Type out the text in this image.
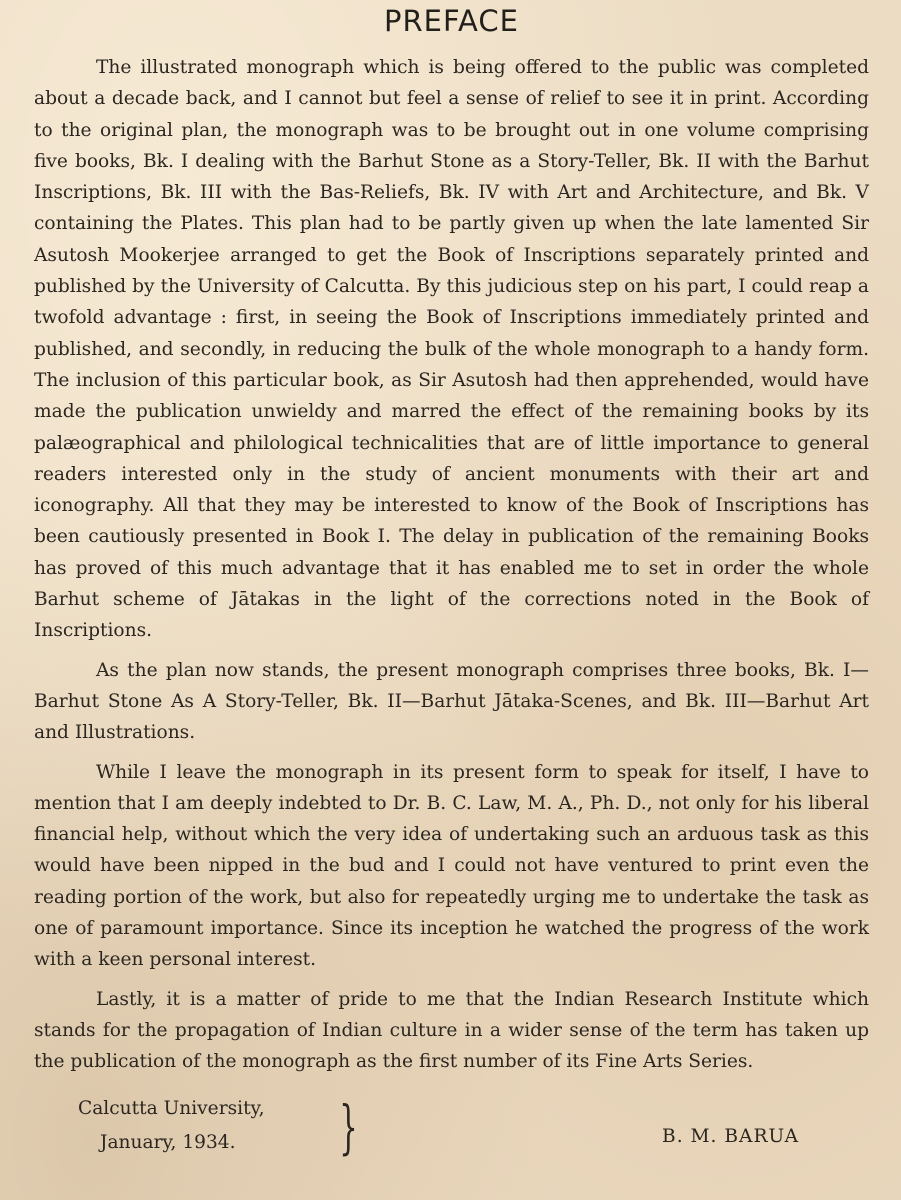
PREFACE

The illustrated monograph which is being offered to the public was completed about a decade back, and I cannot but feel a sense of relief to see it in print. According to the original plan, the monograph was to be brought out in one volume comprising five books, Bk. I dealing with the Barhut Stone as a Story-Teller, Bk. II with the Barhut Inscriptions, Bk. III with the Bas-Reliefs, Bk. IV with Art and Architecture, and Bk. V containing the Plates. This plan had to be partly given up when the late lamented Sir Asutosh Mookerjee arranged to get the Book of Inscriptions separately printed and published by the University of Calcutta. By this judicious step on his part, I could reap a twofold advantage : first, in seeing the Book of Inscriptions immediately printed and published, and secondly, in reducing the bulk of the whole monograph to a handy form. The inclusion of this particular book, as Sir Asutosh had then apprehended, would have made the publication unwieldy and marred the effect of the remaining books by its palæographical and philological technicalities that are of little importance to general readers interested only in the study of ancient monuments with their art and iconography. All that they may be interested to know of the Book of Inscriptions has been cautiously presented in Book I. The delay in publication of the remaining Books has proved of this much advantage that it has enabled me to set in order the whole Barhut scheme of Jātakas in the light of the corrections noted in the Book of Inscriptions.

As the plan now stands, the present monograph comprises three books, Bk. I—Barhut Stone As A Story-Teller, Bk. II—Barhut Jātaka-Scenes, and Bk. III—Barhut Art and Illustrations.

While I leave the monograph in its present form to speak for itself, I have to mention that I am deeply indebted to Dr. B. C. Law, M. A., Ph. D., not only for his liberal financial help, without which the very idea of undertaking such an arduous task as this would have been nipped in the bud and I could not have ventured to print even the reading portion of the work, but also for repeatedly urging me to undertake the task as one of paramount importance. Since its inception he watched the progress of the work with a keen personal interest.

Lastly, it is a matter of pride to me that the Indian Research Institute which stands for the propagation of Indian culture in a wider sense of the term has taken up the publication of the monograph as the first number of its Fine Arts Series.

Calcutta University,
January, 1934.	}	B. M. BARUA
